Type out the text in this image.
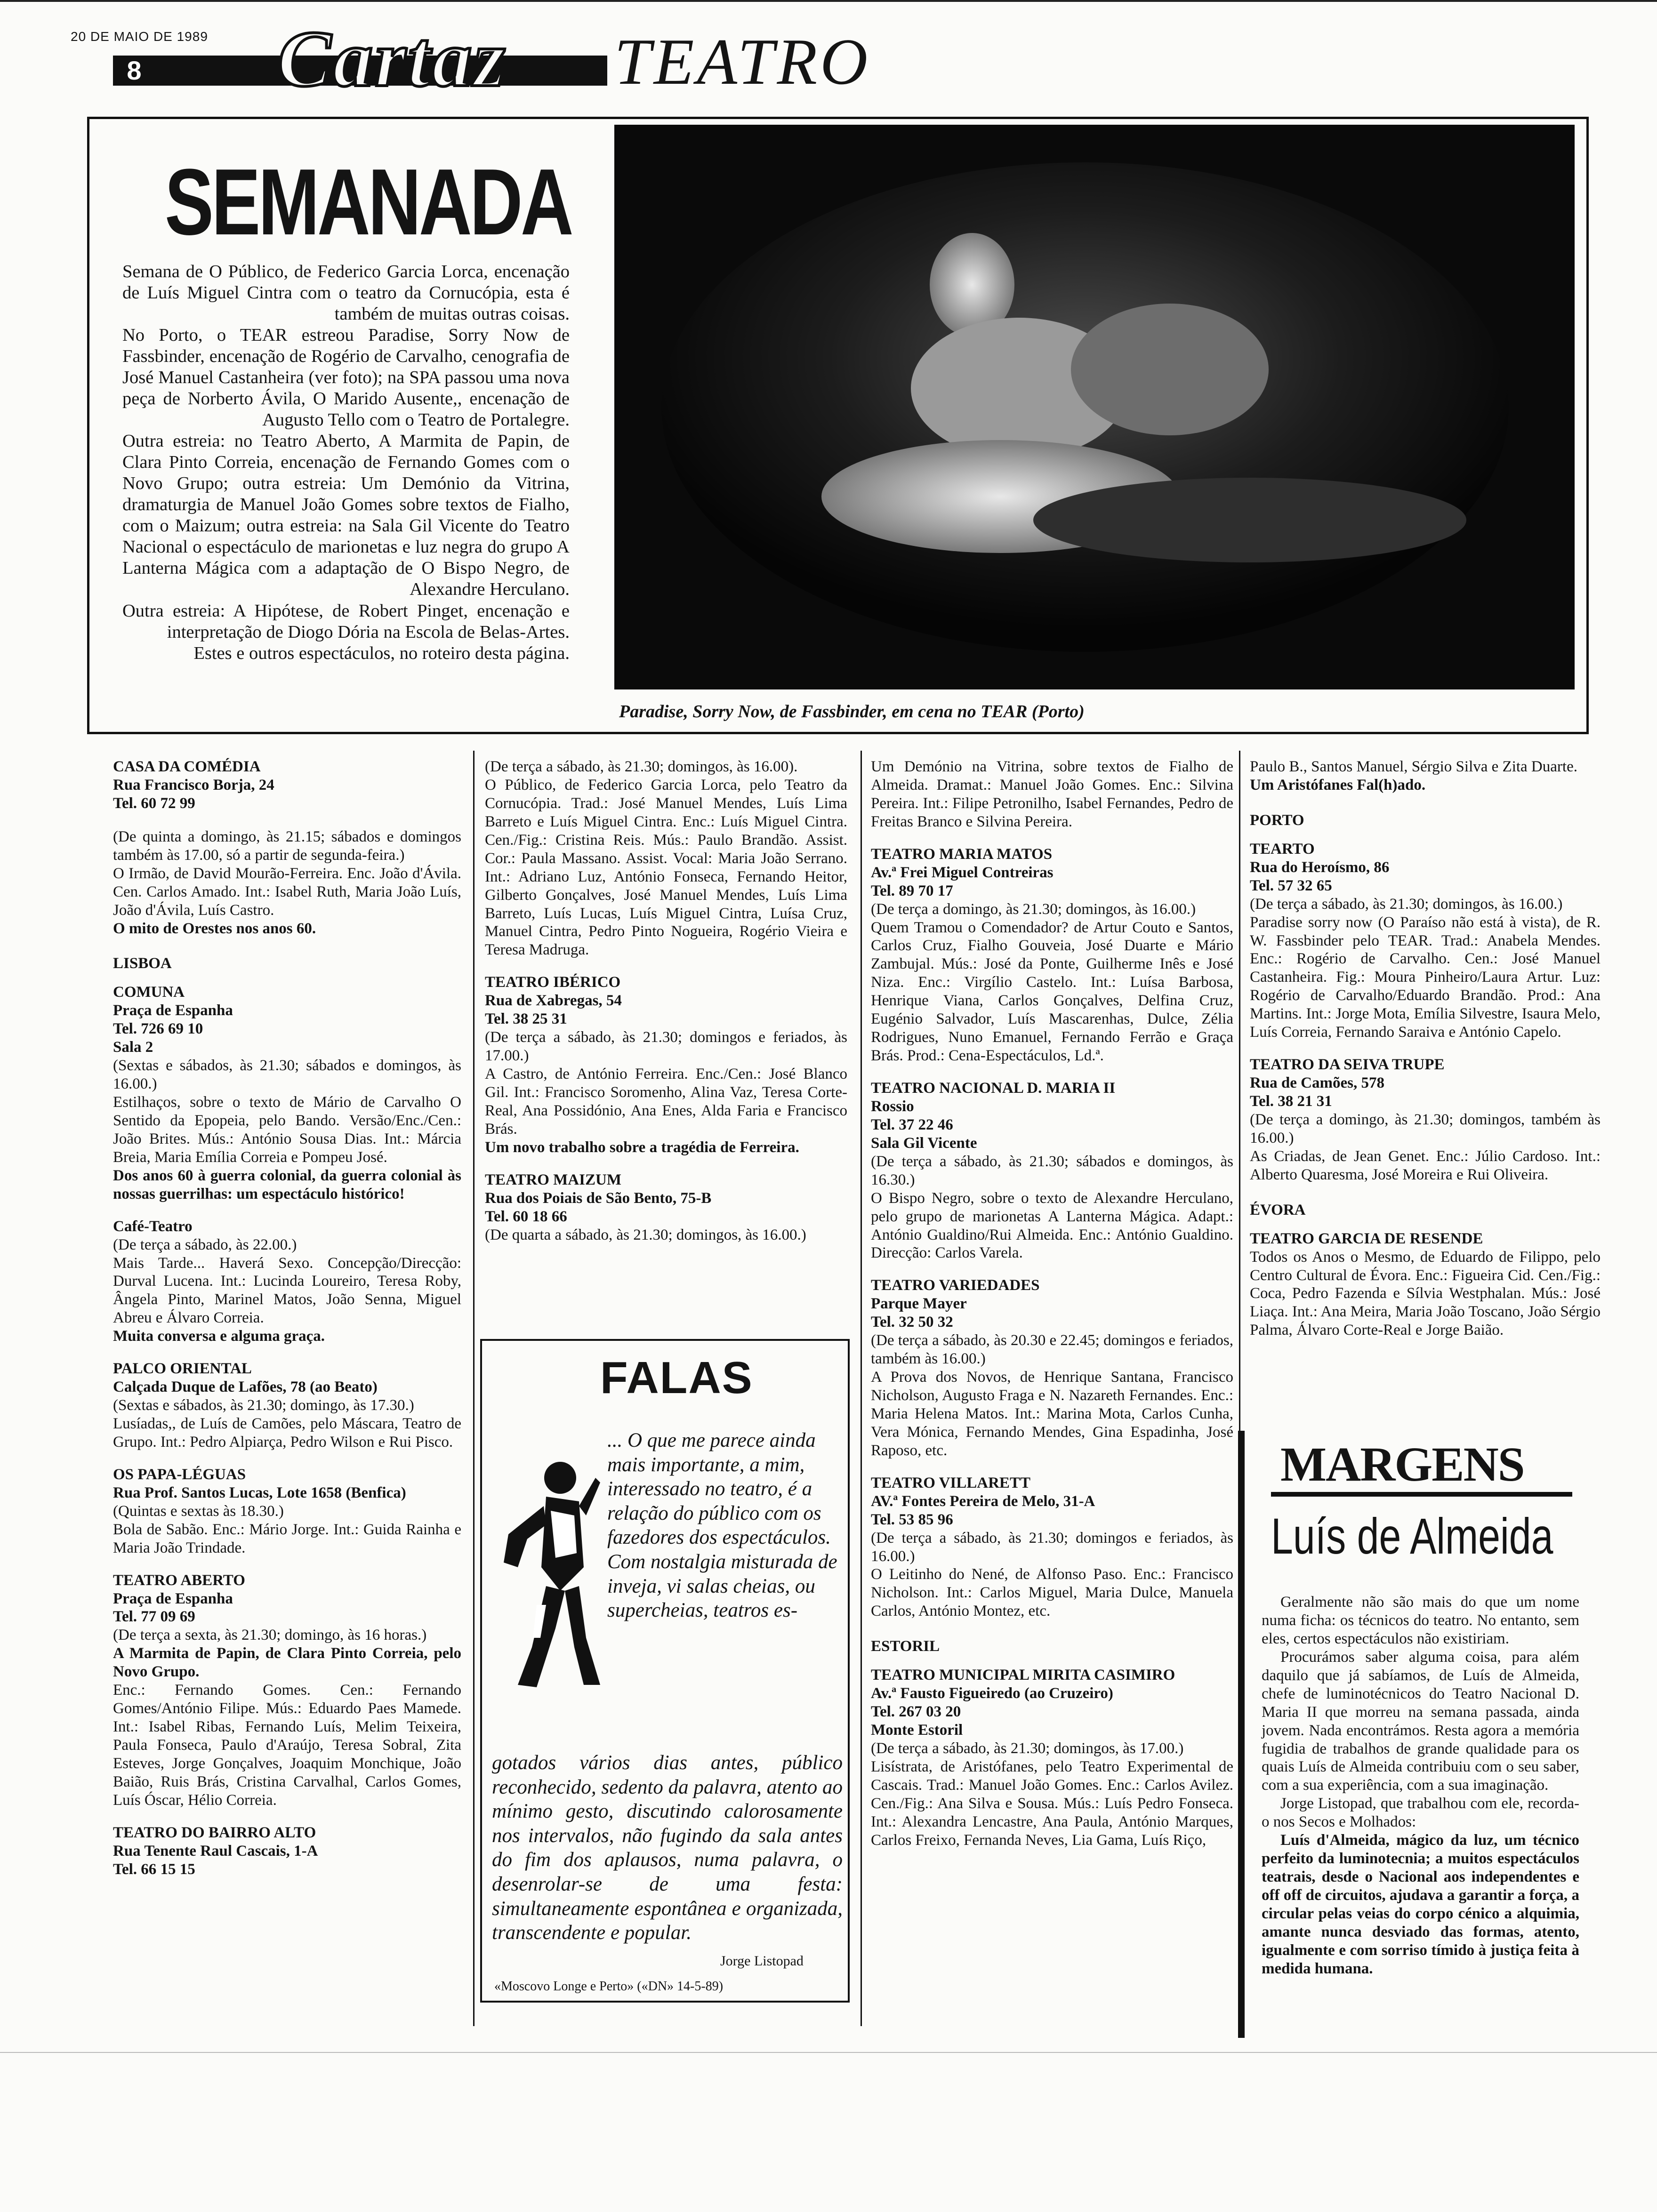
20 DE MAIO DE 1989
8 Cartaz TEATRO
SEMANADA

Semana de O Público, de Federico Garcia Lorca, encenação de Luís Miguel Cintra com o teatro da Cornucópia, esta é também de muitas outras coisas.

No Porto, o TEAR estreou Paradise, Sorry Now de Fassbinder, encenação de Rogério de Carvalho, cenografia de José Manuel Castanheira (ver foto); na SPA passou uma nova peça de Norberto Ávila, O Marido Ausente,, encenação de Augusto Tello com o Teatro de Portalegre.

Outra estreia: no Teatro Aberto, A Marmita de Papin, de Clara Pinto Correia, encenação de Fernando Gomes com o Novo Grupo; outra estreia: Um Demónio da Vitrina, dramaturgia de Manuel João Gomes sobre textos de Fialho, com o Maizum; outra estreia: na Sala Gil Vicente do Teatro Nacional o espectáculo de marionetas e luz negra do grupo A Lanterna Mágica com a adaptação de O Bispo Negro, de Alexandre Herculano.

Outra estreia: A Hipótese, de Robert Pinget, encenação e interpretação de Diogo Dória na Escola de Belas-Artes.

Estes e outros espectáculos, no roteiro desta página.

Paradise, Sorry Now, de Fassbinder, em cena no TEAR (Porto)

CASA DA COMÉDIA

Rua Francisco Borja, 24

Tel. 60 72 99

(De quinta a domingo, às 21.15; sábados e domingos também às 17.00, só a partir de segunda-feira.)

O Irmão, de David Mourão-Ferreira. Enc. João d'Ávila. Cen. Carlos Amado. Int.: Isabel Ruth, Maria João Luís, João d'Ávila, Luís Castro.

O mito de Orestes nos anos 60.

LISBOA

COMUNA

Praça de Espanha

Tel. 726 69 10

Sala 2

(Sextas e sábados, às 21.30; sábados e domingos, às 16.00.)

Estilhaços, sobre o texto de Mário de Carvalho O Sentido da Epopeia, pelo Bando. Versão/Enc./Cen.: João Brites. Mús.: António Sousa Dias. Int.: Márcia Breia, Maria Emília Correia e Pompeu José.

Dos anos 60 à guerra colonial, da guerra colonial às nossas guerrilhas: um espectáculo histórico!

Café-Teatro

(De terça a sábado, às 22.00.)

Mais Tarde... Haverá Sexo. Concepção/Direcção: Durval Lucena. Int.: Lucinda Loureiro, Teresa Roby, Ângela Pinto, Marinel Matos, João Senna, Miguel Abreu e Álvaro Correia.

Muita conversa e alguma graça.

PALCO ORIENTAL

Calçada Duque de Lafões, 78 (ao Beato)

(Sextas e sábados, às 21.30; domingo, às 17.30.)

Lusíadas,, de Luís de Camões, pelo Máscara, Teatro de Grupo. Int.: Pedro Alpiarça, Pedro Wilson e Rui Pisco.

OS PAPA-LÉGUAS

Rua Prof. Santos Lucas, Lote 1658 (Benfica)

(Quintas e sextas às 18.30.)

Bola de Sabão. Enc.: Mário Jorge. Int.: Guida Rainha e Maria João Trindade.

TEATRO ABERTO

Praça de Espanha

Tel. 77 09 69

(De terça a sexta, às 21.30; domingo, às 16 horas.)

A Marmita de Papin, de Clara Pinto Correia, pelo Novo Grupo.

Enc.: Fernando Gomes. Cen.: Fernando Gomes/António Filipe. Mús.: Eduardo Paes Mamede. Int.: Isabel Ribas, Fernando Luís, Melim Teixeira, Paula Fonseca, Paulo d'Araújo, Teresa Sobral, Zita Esteves, Jorge Gonçalves, Joaquim Monchique, João Baião, Ruis Brás, Cristina Carvalhal, Carlos Gomes, Luís Óscar, Hélio Correia.

TEATRO DO BAIRRO ALTO

Rua Tenente Raul Cascais, 1-A

Tel. 66 15 15

(De terça a sábado, às 21.30; domingos, às 16.00).

O Público, de Federico Garcia Lorca, pelo Teatro da Cornucópia. Trad.: José Manuel Mendes, Luís Lima Barreto e Luís Miguel Cintra. Enc.: Luís Miguel Cintra. Cen./Fig.: Cristina Reis. Mús.: Paulo Brandão. Assist. Cor.: Paula Massano. Assist. Vocal: Maria João Serrano. Int.: Adriano Luz, António Fonseca, Fernando Heitor, Gilberto Gonçalves, José Manuel Mendes, Luís Lima Barreto, Luís Lucas, Luís Miguel Cintra, Luísa Cruz, Manuel Cintra, Pedro Pinto Nogueira, Rogério Vieira e Teresa Madruga.

TEATRO IBÉRICO

Rua de Xabregas, 54

Tel. 38 25 31

(De terça a sábado, às 21.30; domingos e feriados, às 17.00.)

A Castro, de António Ferreira. Enc./Cen.: José Blanco Gil. Int.: Francisco Soromenho, Alina Vaz, Teresa Corte-Real, Ana Possidónio, Ana Enes, Alda Faria e Francisco Brás.

Um novo trabalho sobre a tragédia de Ferreira.

TEATRO MAIZUM

Rua dos Poiais de São Bento, 75-B

Tel. 60 18 66

(De quarta a sábado, às 21.30; domingos, às 16.00.)

FALAS
... O que me parece ainda mais importante, a mim, interessado no teatro, é a relação do público com os fazedores dos espectáculos. Com nostalgia misturada de inveja, vi salas cheias, ou supercheias, teatros es-
gotados vários dias antes, público reconhecido, sedento da palavra, atento ao mínimo gesto, discutindo calorosamente nos intervalos, não fugindo da sala antes do fim dos aplausos, numa palavra, o desenrolar-se de uma festa: simultaneamente espontânea e organizada, transcendente e popular.
Jorge Listopad
«Moscovo Longe e Perto» («DN» 14-5-89)

Um Demónio na Vitrina, sobre textos de Fialho de Almeida. Dramat.: Manuel João Gomes. Enc.: Silvina Pereira. Int.: Filipe Petronilho, Isabel Fernandes, Pedro de Freitas Branco e Silvina Pereira.

TEATRO MARIA MATOS

Av.ª Frei Miguel Contreiras

Tel. 89 70 17

(De terça a domingo, às 21.30; domingos, às 16.00.)

Quem Tramou o Comendador? de Artur Couto e Santos, Carlos Cruz, Fialho Gouveia, José Duarte e Mário Zambujal. Mús.: José da Ponte, Guilherme Inês e José Niza. Enc.: Virgílio Castelo. Int.: Luísa Barbosa, Henrique Viana, Carlos Gonçalves, Delfina Cruz, Eugénio Salvador, Luís Mascarenhas, Dulce, Zélia Rodrigues, Nuno Emanuel, Fernando Ferrão e Graça Brás. Prod.: Cena-Espectáculos, Ld.ª.

TEATRO NACIONAL D. MARIA II

Rossio

Tel. 37 22 46

Sala Gil Vicente

(De terça a sábado, às 21.30; sábados e domingos, às 16.30.)

O Bispo Negro, sobre o texto de Alexandre Herculano, pelo grupo de marionetas A Lanterna Mágica. Adapt.: António Gualdino/Rui Almeida. Enc.: António Gualdino. Direcção: Carlos Varela.

TEATRO VARIEDADES

Parque Mayer

Tel. 32 50 32

(De terça a sábado, às 20.30 e 22.45; domingos e feriados, também às 16.00.)

A Prova dos Novos, de Henrique Santana, Francisco Nicholson, Augusto Fraga e N. Nazareth Fernandes. Enc.: Maria Helena Matos. Int.: Marina Mota, Carlos Cunha, Vera Mónica, Fernando Mendes, Gina Espadinha, José Raposo, etc.

TEATRO VILLARETT

AV.ª Fontes Pereira de Melo, 31-A

Tel. 53 85 96

(De terça a sábado, às 21.30; domingos e feriados, às 16.00.)

O Leitinho do Nené, de Alfonso Paso. Enc.: Francisco Nicholson. Int.: Carlos Miguel, Maria Dulce, Manuela Carlos, António Montez, etc.

ESTORIL

TEATRO MUNICIPAL MIRITA CASIMIRO

Av.ª Fausto Figueiredo (ao Cruzeiro)

Tel. 267 03 20

Monte Estoril

(De terça a sábado, às 21.30; domingos, às 17.00.)

Lisístrata, de Aristófanes, pelo Teatro Experimental de Cascais. Trad.: Manuel João Gomes. Enc.: Carlos Avilez. Cen./Fig.: Ana Silva e Sousa. Mús.: Luís Pedro Fonseca. Int.: Alexandra Lencastre, Ana Paula, António Marques, Carlos Freixo, Fernanda Neves, Lia Gama, Luís Riço,

Paulo B., Santos Manuel, Sérgio Silva e Zita Duarte.

Um Aristófanes Fal(h)ado.

PORTO

TEARTO

Rua do Heroísmo, 86

Tel. 57 32 65

(De terça a sábado, às 21.30; domingos, às 16.00.)

Paradise sorry now (O Paraíso não está à vista), de R. W. Fassbinder pelo TEAR. Trad.: Anabela Mendes. Enc.: Rogério de Carvalho. Cen.: José Manuel Castanheira. Fig.: Moura Pinheiro/Laura Artur. Luz: Rogério de Carvalho/Eduardo Brandão. Prod.: Ana Martins. Int.: Jorge Mota, Emília Silvestre, Isaura Melo, Luís Correia, Fernando Saraiva e António Capelo.

TEATRO DA SEIVA TRUPE

Rua de Camões, 578

Tel. 38 21 31

(De terça a domingo, às 21.30; domingos, também às 16.00.)

As Criadas, de Jean Genet. Enc.: Júlio Cardoso. Int.: Alberto Quaresma, José Moreira e Rui Oliveira.

ÉVORA

TEATRO GARCIA DE RESENDE

Todos os Anos o Mesmo, de Eduardo de Filippo, pelo Centro Cultural de Évora. Enc.: Figueira Cid. Cen./Fig.: Coca, Pedro Fazenda e Sílvia Westphalan. Mús.: José Liaça. Int.: Ana Meira, Maria João Toscano, João Sérgio Palma, Álvaro Corte-Real e Jorge Baião.

MARGENS
Luís de Almeida

Geralmente não são mais do que um nome numa ficha: os técnicos do teatro. No entanto, sem eles, certos espectáculos não existiriam.

Procurámos saber alguma coisa, para além daquilo que já sabíamos, de Luís de Almeida, chefe de luminotécnicos do Teatro Nacional D. Maria II que morreu na semana passada, ainda jovem. Nada encontrámos. Resta agora a memória fugidia de trabalhos de grande qualidade para os quais Luís de Almeida contribuiu com o seu saber, com a sua experiência, com a sua imaginação.

Jorge Listopad, que trabalhou com ele, recorda-o nos Secos e Molhados:

Luís d'Almeida, mágico da luz, um técnico perfeito da luminotecnia; a muitos espectáculos teatrais, desde o Nacional aos independentes e off off de circuitos, ajudava a garantir a força, a circular pelas veias do corpo cénico a alquimia, amante nunca desviado das formas, atento, igualmente e com sorriso tímido à justiça feita à medida humana.
